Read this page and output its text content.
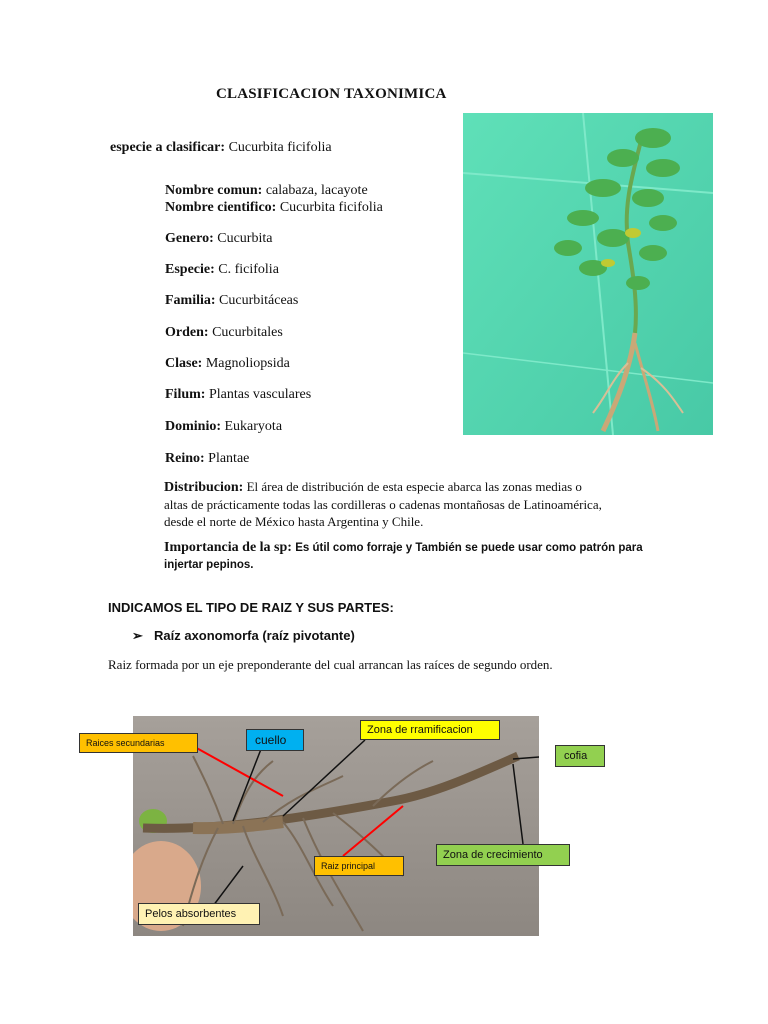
CLASIFICACION TAXONIMICA
especie a clasificar: Cucurbita ficifolia
Nombre comun: calabaza, lacayote
Nombre cientifico: Cucurbita ficifolia
Genero: Cucurbita
Especie: C. ficifolia
Familia: Cucurbitáceas
Orden: Cucurbitales
Clase: Magnoliopsida
Filum: Plantas vasculares
Dominio: Eukaryota
Reino: Plantae
Distribucion: El área de distribución de esta especie abarca las zonas medias o
altas de prácticamente todas las cordilleras o cadenas montañosas de Latinoamérica,
desde el norte de México hasta Argentina y Chile.
Importancia de la sp: Es útil como forraje y También se puede usar como patrón para
injertar pepinos.
INDICAMOS EL TIPO DE RAIZ Y SUS PARTES:
➢ Raíz axonomorfa (raíz pivotante)
Raiz formada por un eje preponderante del cual arrancan las raíces de segundo orden.
Raices secundarias	cuello
Zona de rramificacion
cofia
Raiz principal
Zona de crecimiento
Pelos absorbentes
